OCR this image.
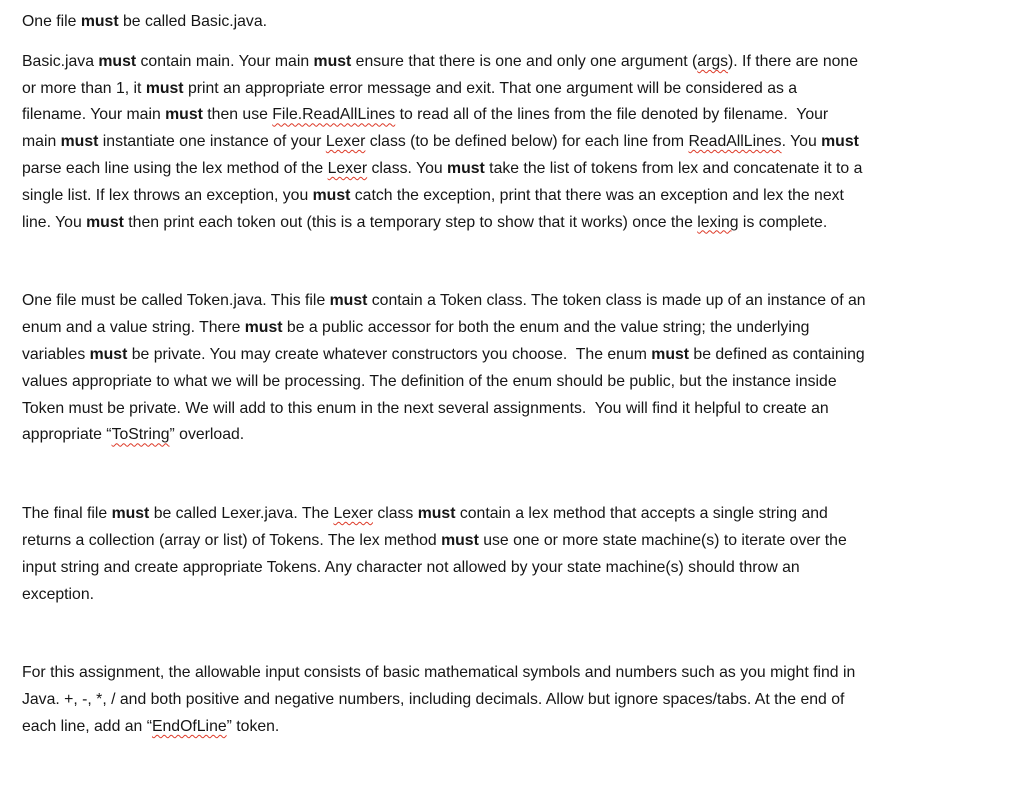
One file must be called Basic.java.
Basic.java must contain main. Your main must ensure that there is one and only one argument (args). If there are none
or more than 1, it must print an appropriate error message and exit. That one argument will be considered as a
filename. Your main must then use File.ReadAllLines to read all of the lines from the file denoted by filename.  Your
main must instantiate one instance of your Lexer class (to be defined below) for each line from ReadAllLines. You must
parse each line using the lex method of the Lexer class. You must take the list of tokens from lex and concatenate it to a
single list. If lex throws an exception, you must catch the exception, print that there was an exception and lex the next
line. You must then print each token out (this is a temporary step to show that it works) once the lexing is complete.
One file must be called Token.java. This file must contain a Token class. The token class is made up of an instance of an
enum and a value string. There must be a public accessor for both the enum and the value string; the underlying
variables must be private. You may create whatever constructors you choose.  The enum must be defined as containing
values appropriate to what we will be processing. The definition of the enum should be public, but the instance inside
Token must be private. We will add to this enum in the next several assignments.  You will find it helpful to create an
appropriate “ToString” overload.
The final file must be called Lexer.java. The Lexer class must contain a lex method that accepts a single string and
returns a collection (array or list) of Tokens. The lex method must use one or more state machine(s) to iterate over the
input string and create appropriate Tokens. Any character not allowed by your state machine(s) should throw an
exception.
For this assignment, the allowable input consists of basic mathematical symbols and numbers such as you might find in
Java. +, -, *, / and both positive and negative numbers, including decimals. Allow but ignore spaces/tabs. At the end of
each line, add an “EndOfLine” token.
